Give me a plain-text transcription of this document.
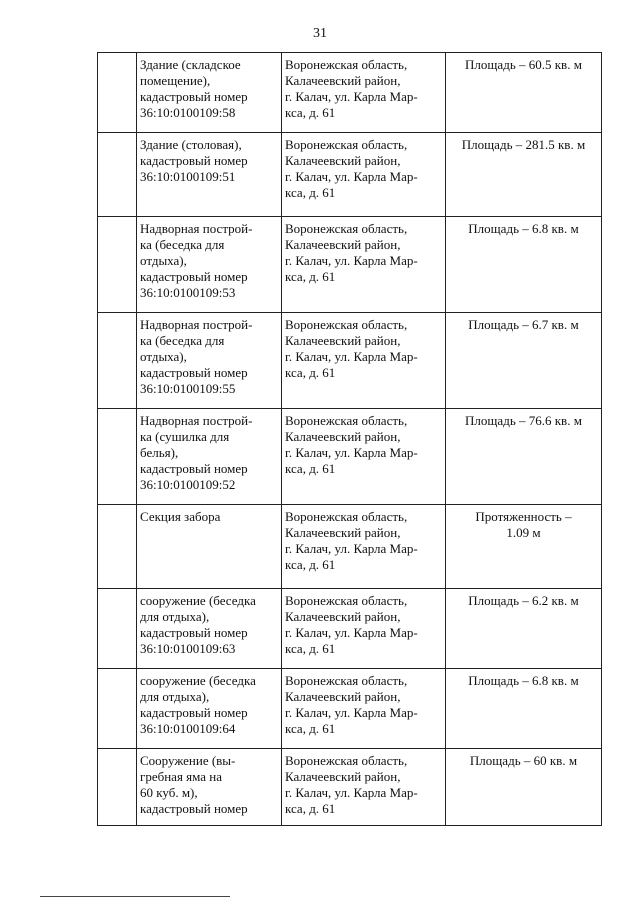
31

	Здание (складское
помещение),
кадастровый номер
36:10:0100109:58	Воронежская область,
Калачеевский район,
г. Калач, ул. Карла Мар-
кса, д. 61	Площадь – 60.5 кв. м

	Здание (столовая),
кадастровый номер
36:10:0100109:51	Воронежская область,
Калачеевский район,
г. Калач, ул. Карла Мар-
кса, д. 61	Площадь – 281.5 кв. м

	Надворная построй-
ка (беседка для
отдыха),
кадастровый номер
36:10:0100109:53	Воронежская область,
Калачеевский район,
г. Калач, ул. Карла Мар-
кса, д. 61	Площадь – 6.8 кв. м

	Надворная построй-
ка (беседка для
отдыха),
кадастровый номер
36:10:0100109:55	Воронежская область,
Калачеевский район,
г. Калач, ул. Карла Мар-
кса, д. 61	Площадь – 6.7 кв. м

	Надворная построй-
ка (сушилка для
белья),
кадастровый номер
36:10:0100109:52	Воронежская область,
Калачеевский район,
г. Калач, ул. Карла Мар-
кса, д. 61	Площадь – 76.6 кв. м

	Секция забора	Воронежская область,
Калачеевский район,
г. Калач, ул. Карла Мар-
кса, д. 61	Протяженность –
1.09 м

	сооружение (беседка
для отдыха),
кадастровый номер
36:10:0100109:63	Воронежская область,
Калачеевский район,
г. Калач, ул. Карла Мар-
кса, д. 61	Площадь – 6.2 кв. м

	сооружение (беседка
для отдыха),
кадастровый номер
36:10:0100109:64	Воронежская область,
Калачеевский район,
г. Калач, ул. Карла Мар-
кса, д. 61	Площадь – 6.8 кв. м

	Сооружение (вы-
гребная яма на
60 куб. м),
кадастровый номер	Воронежская область,
Калачеевский район,
г. Калач, ул. Карла Мар-
кса, д. 61	Площадь – 60 кв. м
